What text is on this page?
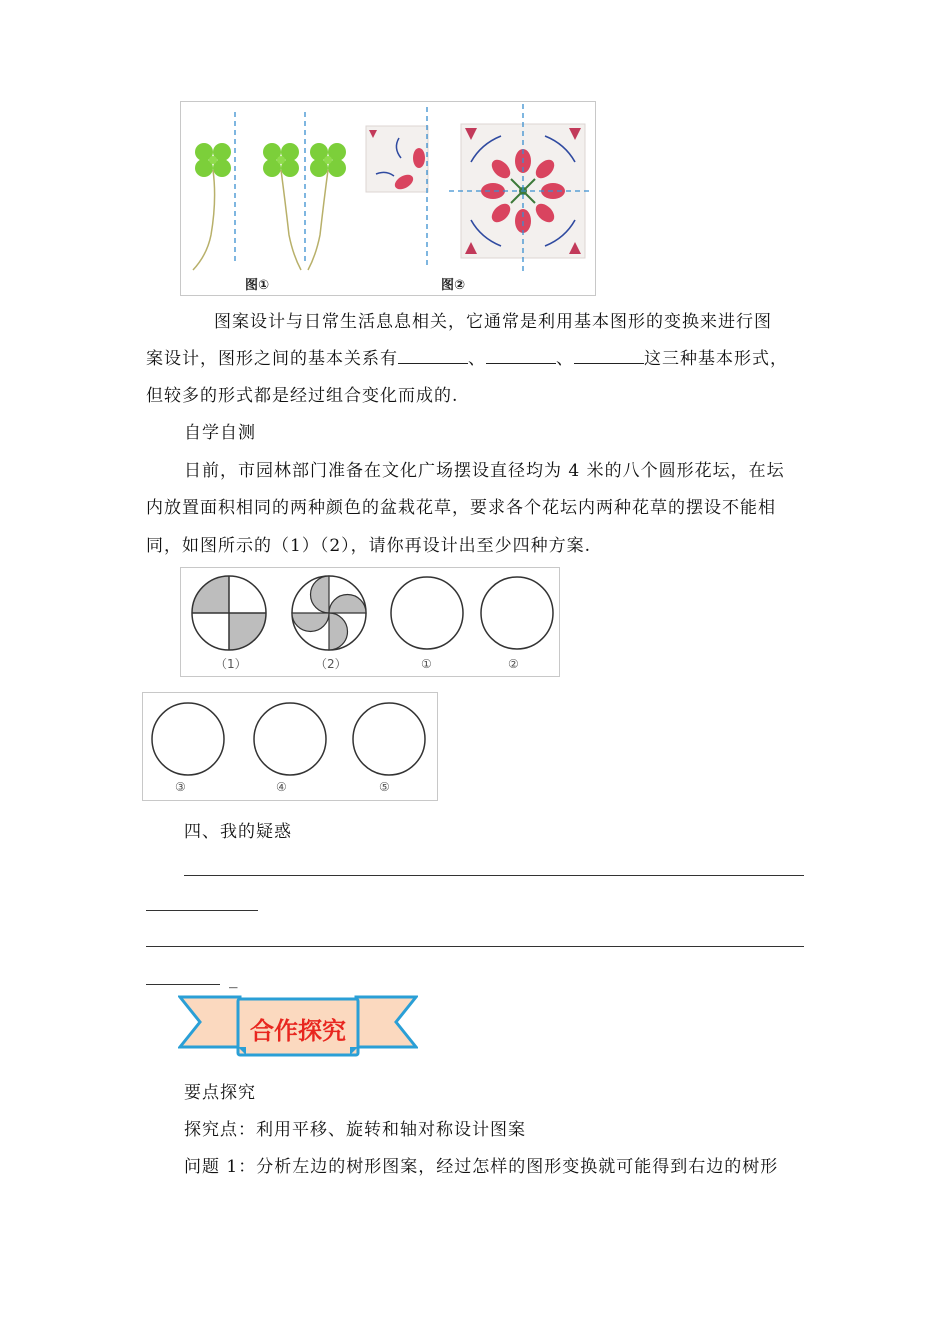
图①	图②
图案设计与日常生活息息相关，它通常是利用基本图形的变换来进行图
案设计，图形之间的基本关系有	、	、	这三种基本形式，
但较多的形式都是经过组合变化而成的.
自学自测
日前，市园林部门准备在文化广场摆设直径均为 4 米的八个圆形花坛，在坛
内放置面积相同的两种颜色的盆栽花草，要求各个花坛内两种花草的摆设不能相
同，如图所示的（1）（2），请你再设计出至少四种方案.
（1）	（2）	①	②
③	④	⑤
四、我的疑惑
_
合作探究
要点探究
探究点：利用平移、旋转和轴对称设计图案
问题 1：分析左边的树形图案，经过怎样的图形变换就可能得到右边的树形
